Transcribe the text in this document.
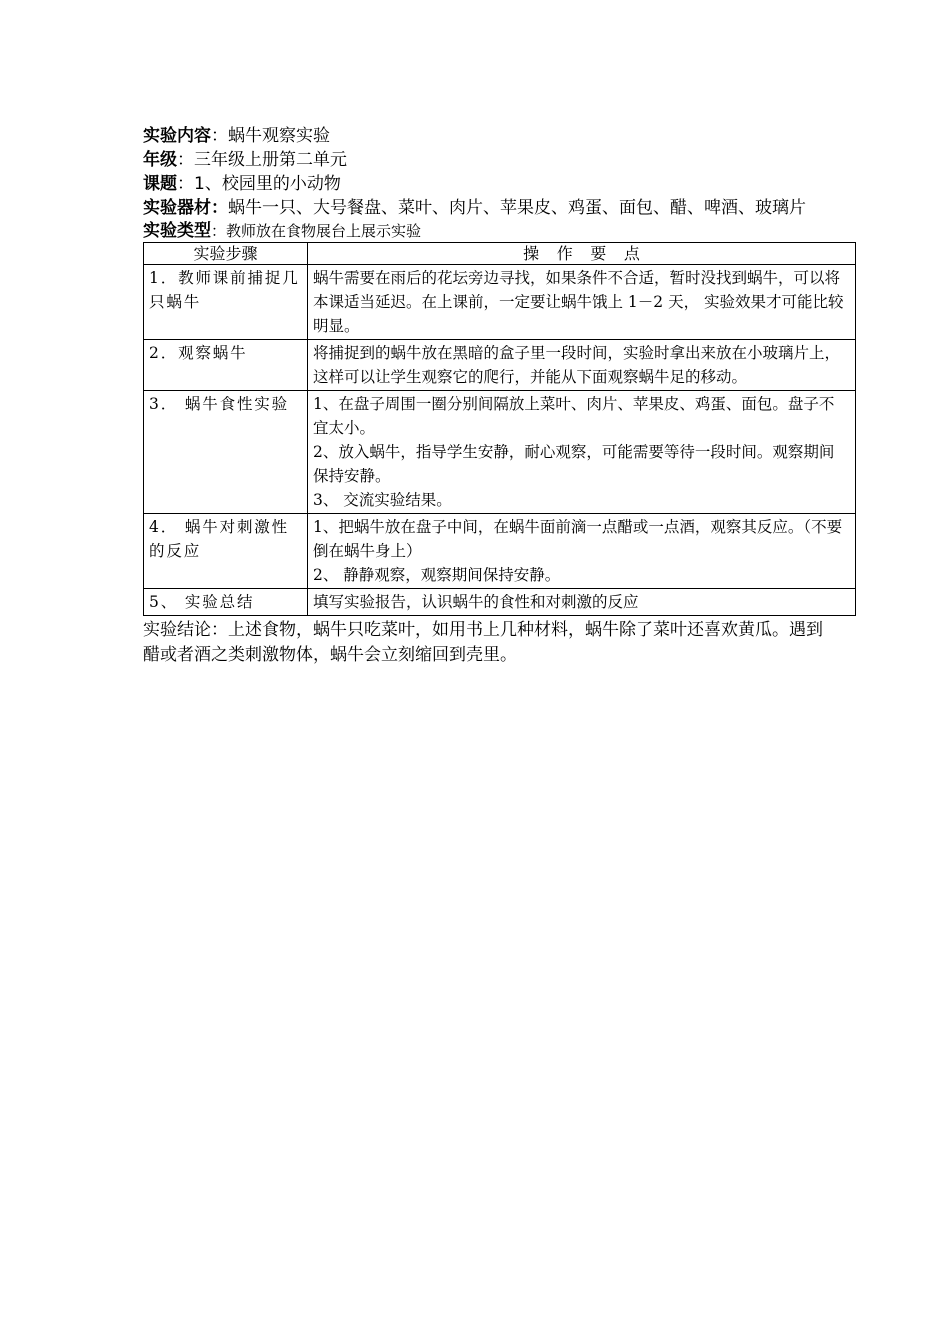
实验内容：蜗牛观察实验
年级：三年级上册第二单元
课题：1、校园里的小动物
实验器材：蜗牛一只、大号餐盘、菜叶、肉片、苹果皮、鸡蛋、面包、醋、啤酒、玻璃片
实验类型：教师放在食物展台上展示实验
实验步骤	操作要点
1．教师课前捕捉几只蜗牛	蜗牛需要在雨后的花坛旁边寻找，如果条件不合适，暂时没找到蜗牛，可以将本课适当延迟。在上课前，一定要让蜗牛饿上 1－2 天， 实验效果才可能比较明显。

2．观察蜗牛	将捕捉到的蜗牛放在黑暗的盒子里一段时间，实验时拿出来放在小玻璃片上，这样可以让学生观察它的爬行，并能从下面观察蜗牛足的移动。

3． 蜗牛食性实验	1、在盘子周围一圈分别间隔放上菜叶、肉片、苹果皮、鸡蛋、面包。盘子不宜太小。
2、放入蜗牛，指导学生安静，耐心观察，可能需要等待一段时间。观察期间保持安静。
3、 交流实验结果。

4． 蜗牛对刺激性的反应	1、把蜗牛放在盘子中间，在蜗牛面前滴一点醋或一点酒，观察其反应。（不要倒在蜗牛身上）
2、 静静观察，观察期间保持安静。

5、 实验总结	填写实验报告，认识蜗牛的食性和对刺激的反应
实验结论：上述食物，蜗牛只吃菜叶，如用书上几种材料，蜗牛除了菜叶还喜欢黄瓜。遇到醋或者酒之类刺激物体，蜗牛会立刻缩回到壳里。
